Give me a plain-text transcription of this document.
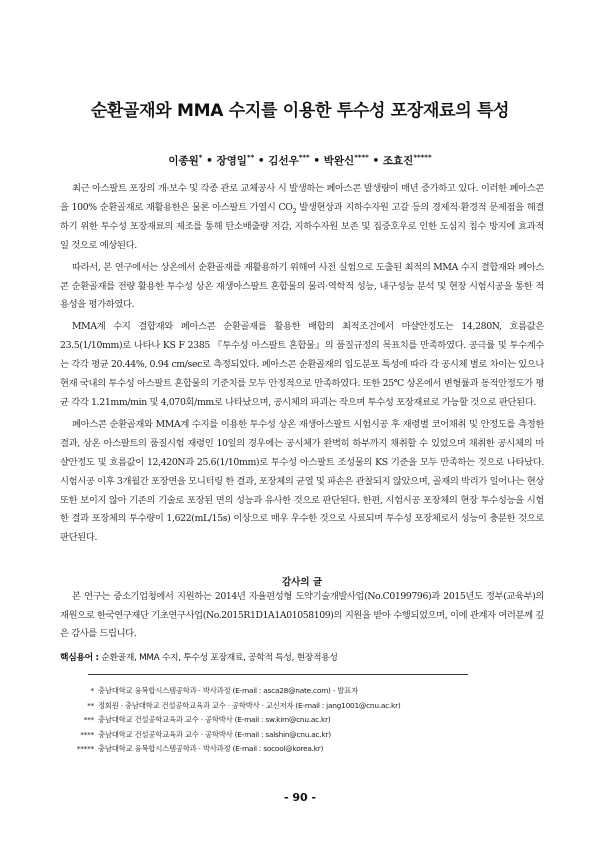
순환골재와 MMA 수지를 이용한 투수성 포장재료의 특성
이종원* • 장영일** • 김선우*** • 박완신**** • 조효진*****

최근 아스팔트 포장의 개·보수 및 각종 관로 교체공사 시 발생하는 폐아스콘 발생량이 매년 증가하고 있다. 이러한 폐아스콘을 100% 순환골재로 재활용한은 물론 아스팔트 가열시 $CO_2$ 발생현상과 지하수자원 고갈 등의 경제적·환경적 문제점을 해결하기 위한 투수성 포장재료의 제조를 통해 탄소배출량 저감, 지하수자원 보존 및 집중호우로 인한 도심지 침수 방지에 효과적일 것으로 예상된다.

따라서, 본 연구에서는 상온에서 순환골재를 재활용하기 위해여 사전 실험으로 도출된 최적의 MMA 수지 결합재와 폐아스콘 순환골재를 전량 활용한 투수성 상온 재생아스팔트 혼합물의 물리·역학적 성능, 내구성능 분석 및 현장 시험시공을 통한 적용성을 평가하였다.

MMA계 수지 결합재와 폐아스콘 순환골재를 활용한 배합의 최적조건에서 마샬안정도는 14,280N, 흐름값은 23.5(1/10mm)로 나타나 KS F 2385 『투수성 아스팔트 혼합물』의 품질규정의 목표치를 만족하였다. 공극률 및 투수계수는 각각 평균 20.44%, 0.94 cm/sec로 측정되었다. 폐아스콘 순환골재의 입도분포 특성에 따라 각 공시체 별로 차이는 있으나 현재 국내의 투수성 아스팔트 혼합물의 기준치를 모두 안정적으로 만족하였다. 또한 25℃ 상온에서 변형률과 동적안정도가 평균 각각 1.21mm/min 및 4,070회/mm로 나타났으며, 공시체의 파괴는 작으며 투수성 포장재료로 가능할 것으로 판단된다.

폐아스콘 순환골재와 MMA계 수지를 이용한 투수성 상온 재생아스팔트 시험시공 후 재령별 코어채취 및 안정도를 측정한 결과, 상온 아스팔트의 품질시험 재령인 10일의 경우에는 공시체가 완벽히 하부까지 채취할 수 있었으며 채취한 공시체의 마샬안정도 및 흐름값이 12,420N과 25.6(1/10mm)로 투수성 아스팔트 조성물의 KS 기준을 모두 만족하는 것으로 나타났다. 시험시공 이후 3개월간 포장면을 모니터링 한 결과, 포장체의 균열 및 파손은 관찰되지 않았으며, 골재의 박리가 일어나는 현상 또한 보이지 않아 기존의 기술로 포장된 면의 성능과 유사한 것으로 판단된다. 한편, 시험시공 포장체의 현장 투수성능을 시험한 결과 포장체의 투수량이 1,622(mL/15s) 이상으로 매우 우수한 것으로 사료되며 투수성 포장체로서 성능이 충분한 것으로 판단된다.

감사의 글

본 연구는 중소기업청에서 지원하는 2014년 자율편성형 도약기술개발사업(No.C0199796)과 2015년도 정부(교육부)의 재원으로 한국연구재단 기초연구사업(No.2015R1D1A1A01058109)의 지원을 받아 수행되었으며, 이에 관계자 여러분께 깊은 감사를 드립니다.

핵심용어 : 순환골재, MMA 수지, 투수성 포장재료, 공학적 특성, 현장적용성
* 충남대학교 융복합시스템공학과 · 박사과정 (E-mail : asca28@nate.com) - 발표자
** 정회원 · 충남대학교 건설공학교육과 교수 · 공학박사 · 교신저자 (E-mail : jang1001@cnu.ac.kr)
*** 충남대학교 건설공학교육과 교수 · 공학박사 (E-mail : sw.kim@cnu.ac.kr)
**** 충남대학교 건설공학교육과 교수 · 공학박사 (E-mail : salshin@cnu.ac.kr)
***** 충남대학교 융복합시스템공학과 · 박사과정 (E-mail : socool@korea.kr)
- 90 -
